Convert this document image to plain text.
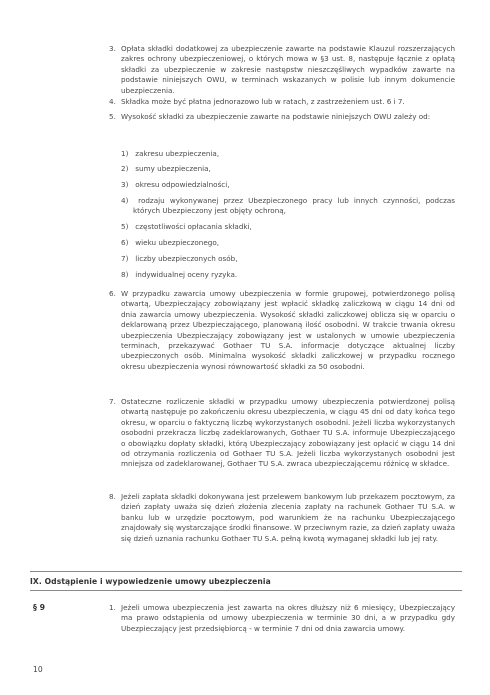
3. Opłata składki dodatkowej za ubezpieczenie zawarte na podstawie Klauzul rozszerzających zakres ochrony ubezpieczeniowej, o których mowa w §3 ust. 8, następuje łącznie z opłatą składki za ubezpieczenie w zakresie następstw nieszczęśliwych wypadków zawarte na podstawie niniejszych OWU, w terminach wskazanych w polisie lub innym dokumencie ubezpieczenia.
4. Składka może być płatna jednorazowo lub w ratach, z zastrzeżeniem ust. 6 i 7.
5. Wysokość składki za ubezpieczenie zawarte na podstawie niniejszych OWU zależy od:
1) zakresu ubezpieczenia,
2) sumy ubezpieczenia,
3) okresu odpowiedzialności,
4) rodzaju wykonywanej przez Ubezpieczonego pracy lub innych czynności, podczas których Ubezpieczony jest objęty ochroną,
5) częstotliwości opłacania składki,
6) wieku ubezpieczonego,
7) liczby ubezpieczonych osób,
8) indywidualnej oceny ryzyka.
6. W przypadku zawarcia umowy ubezpieczenia w formie grupowej, potwierdzonego polisą otwartą, Ubezpieczający zobowiązany jest wpłacić składkę zaliczkową w ciągu 14 dni od dnia zawarcia umowy ubezpieczenia. Wysokość składki zaliczkowej oblicza się w oparciu o deklarowaną przez Ubezpieczającego, planowaną ilość osobodni. W trakcie trwania okresu ubezpieczenia Ubezpieczający zobowiązany jest w ustalonych w umowie ubezpieczenia terminach, przekazywać Gothaer TU S.A. informacje dotyczące aktualnej liczby ubezpieczonych osób. Minimalna wysokość składki zaliczkowej w przypadku rocznego okresu ubezpieczenia wynosi równowartość składki za 50 osobodni.
7. Ostateczne rozliczenie składki w przypadku umowy ubezpieczenia potwierdzonej polisą otwartą następuje po zakończeniu okresu ubezpieczenia, w ciągu 45 dni od daty końca tego okresu, w oparciu o faktyczną liczbę wykorzystanych osobodni. Jeżeli liczba wykorzystanych osobodni przekracza liczbę zadeklarowanych, Gothaer TU S.A. informuje Ubezpieczającego o obowiązku dopłaty składki, którą Ubezpieczający zobowiązany jest opłacić w ciągu 14 dni od otrzymania rozliczenia od Gothaer TU S.A. Jeżeli liczba wykorzystanych osobodni jest mniejsza od zadeklarowanej, Gothaer TU S.A. zwraca ubezpieczającemu różnicę w składce.
8. Jeżeli zapłata składki dokonywana jest przelewem bankowym lub przekazem pocztowym, za dzień zapłaty uważa się dzień złożenia zlecenia zapłaty na rachunek Gothaer TU S.A. w banku lub w urzędzie pocztowym, pod warunkiem że na rachunku Ubezpieczającego znajdowały się wystarczające środki finansowe. W przeciwnym razie, za dzień zapłaty uważa się dzień uznania rachunku Gothaer TU S.A. pełną kwotą wymaganej składki lub jej raty.
IX. Odstąpienie i wypowiedzenie umowy ubezpieczenia
§ 9	1. Jeżeli umowa ubezpieczenia jest zawarta na okres dłuższy niż 6 miesięcy, Ubezpieczający ma prawo odstąpienia od umowy ubezpieczenia w terminie 30 dni, a w przypadku gdy Ubezpieczający jest przedsiębiorcą - w terminie 7 dni od dnia zawarcia umowy.
10
